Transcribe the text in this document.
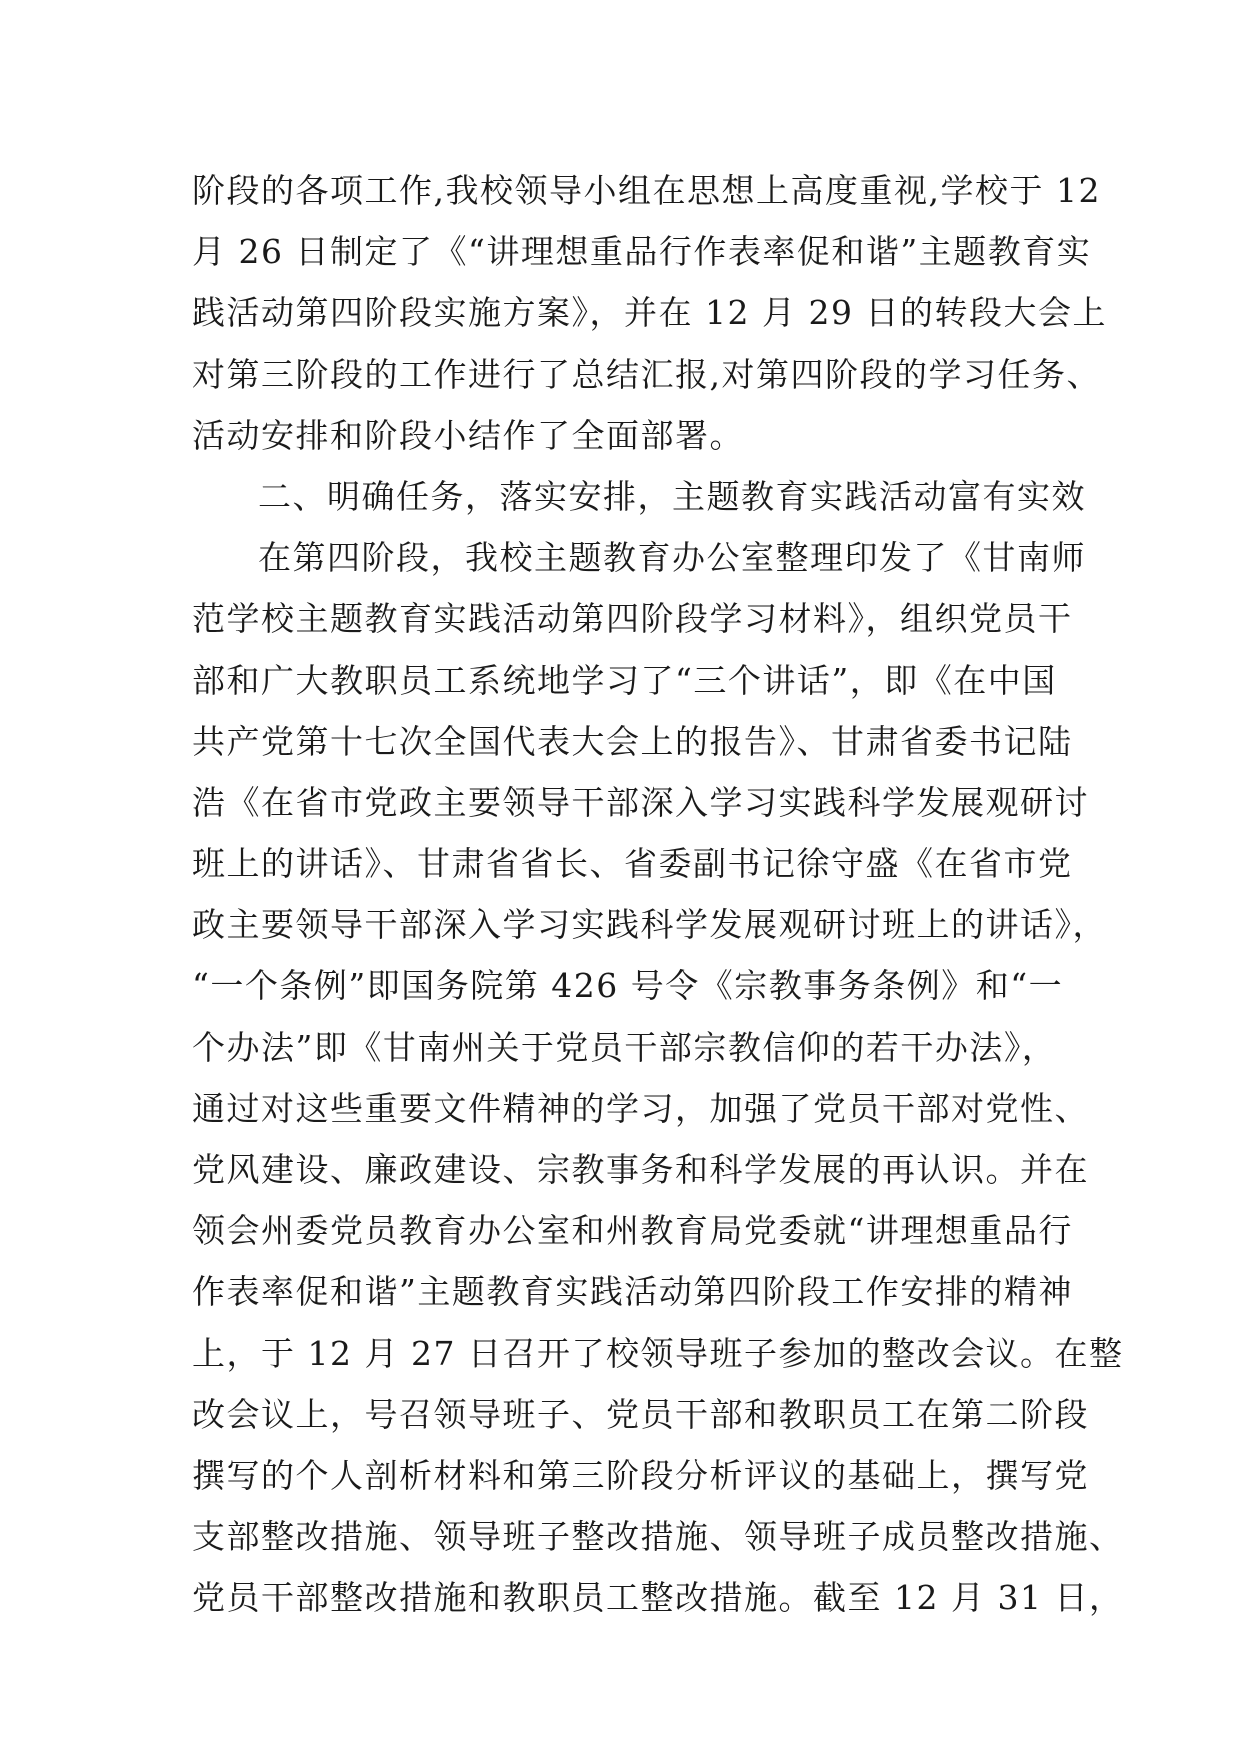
阶段的各项工作,我校领导小组在思想上高度重视,学校于 12
月 26 日制定了《“讲理想重品行作表率促和谐”主题教育实
践活动第四阶段实施方案》，并在 12 月 29 日的转段大会上
对第三阶段的工作进行了总结汇报,对第四阶段的学习任务、
活动安排和阶段小结作了全面部署。
二、明确任务，落实安排，主题教育实践活动富有实效
在第四阶段，我校主题教育办公室整理印发了《甘南师
范学校主题教育实践活动第四阶段学习材料》，组织党员干
部和广大教职员工系统地学习了“三个讲话”，即《在中国
共产党第十七次全国代表大会上的报告》、甘肃省委书记陆
浩《在省市党政主要领导干部深入学习实践科学发展观研讨
班上的讲话》、甘肃省省长、省委副书记徐守盛《在省市党
政主要领导干部深入学习实践科学发展观研讨班上的讲话》，
“一个条例”即国务院第 426 号令《宗教事务条例》和“一
个办法”即《甘南州关于党员干部宗教信仰的若干办法》，
通过对这些重要文件精神的学习，加强了党员干部对党性、
党风建设、廉政建设、宗教事务和科学发展的再认识。并在
领会州委党员教育办公室和州教育局党委就“讲理想重品行
作表率促和谐”主题教育实践活动第四阶段工作安排的精神
上，于 12 月 27 日召开了校领导班子参加的整改会议。在整
改会议上，号召领导班子、党员干部和教职员工在第二阶段
撰写的个人剖析材料和第三阶段分析评议的基础上，撰写党
支部整改措施、领导班子整改措施、领导班子成员整改措施、
党员干部整改措施和教职员工整改措施。截至 12 月 31 日，
